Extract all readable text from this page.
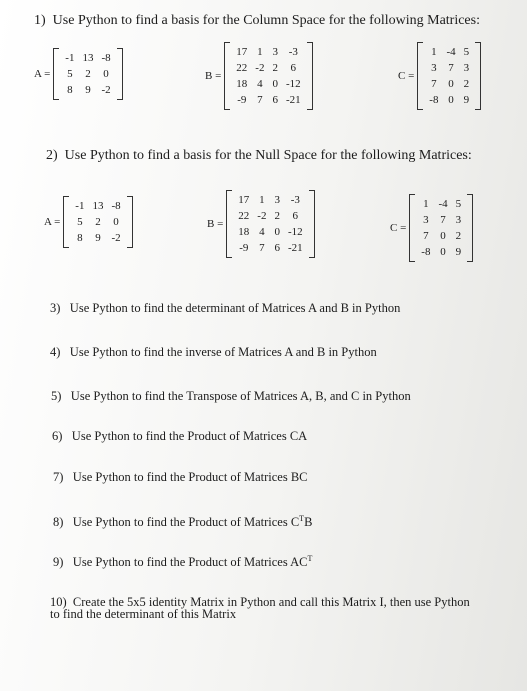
1) Use Python to find a basis for the Column Space for the following Matrices:
A =
-1	13	-8
5	2	0
8	9	-2
B =
17	1	3	-3
22	-2	2	6
18	4	0	-12
-9	7	6	-21
C =
1	-4	5
3	7	3
7	0	2
-8	0	9
2) Use Python to find a basis for the Null Space for the following Matrices:
A =
-1	13	-8
5	2	0
8	9	-2
B =
17	1	3	-3
22	-2	2	6
18	4	0	-12
-9	7	6	-21
C =
1	-4	5
3	7	3
7	0	2
-8	0	9
3) Use Python to find the determinant of Matrices A and B in Python
4) Use Python to find the inverse of Matrices A and B in Python
5) Use Python to find the Transpose of Matrices A, B, and C in Python
6) Use Python to find the Product of Matrices CA
7) Use Python to find the Product of Matrices BC
8) Use Python to find the Product of Matrices $C^TB$
9) Use Python to find the Product of Matrices $AC^T$
10) Create the 5x5 identity Matrix in Python and call this Matrix I, then use Python to find the determinant of this Matrix
